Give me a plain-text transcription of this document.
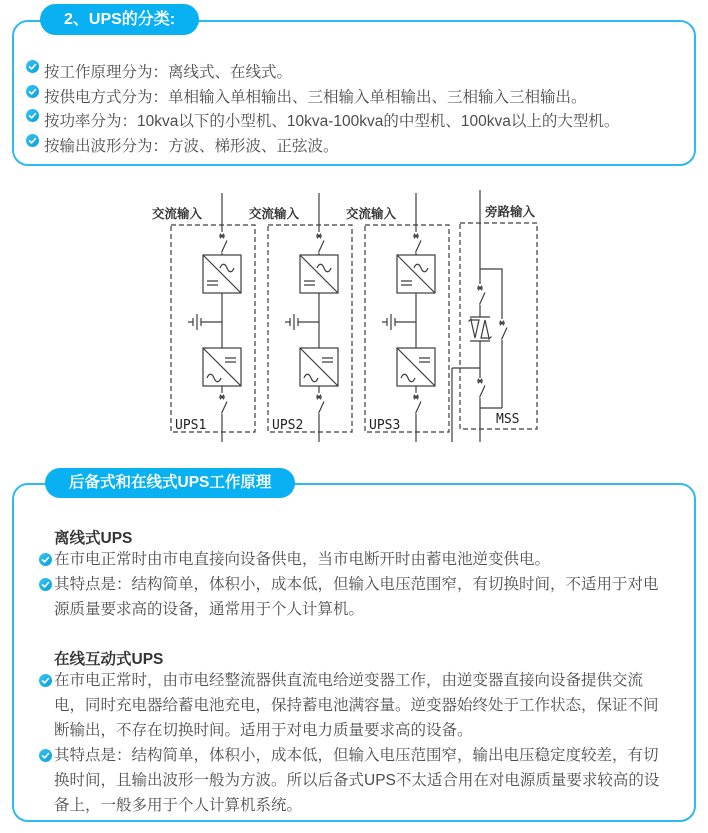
2、UPS的分类:
按工作原理分为：离线式、在线式。
按供电方式分为：单相输入单相输出、三相输入单相输出、三相输入三相输出。
按功率分为：10kva以下的小型机、10kva-100kva的中型机、100kva以上的大型机。
按输出波形分为：方波、梯形波、正弦波。
交流输入	交流输入	交流输入	旁路输入
UPS1	UPS2	UPS3	MSS
后备式和在线式UPS工作原理
离线式UPS
在市电正常时由市电直接向设备供电，当市电断开时由蓄电池逆变供电。
其特点是：结构简单，体积小，成本低，但输入电压范围窄，有切换时间，不适用于对电源质量要求高的设备，通常用于个人计算机。
在线互动式UPS
在市电正常时，由市电经整流器供直流电给逆变器工作，由逆变器直接向设备提供交流电，同时充电器给蓄电池充电，保持蓄电池满容量。逆变器始终处于工作状态，保证不间断输出，不存在切换时间。适用于对电力质量要求高的设备。
其特点是：结构简单，体积小，成本低，但输入电压范围窄，输出电压稳定度较差，有切换时间，且输出波形一般为方波。所以后备式UPS不太适合用在对电源质量要求较高的设备上，一般多用于个人计算机系统。
